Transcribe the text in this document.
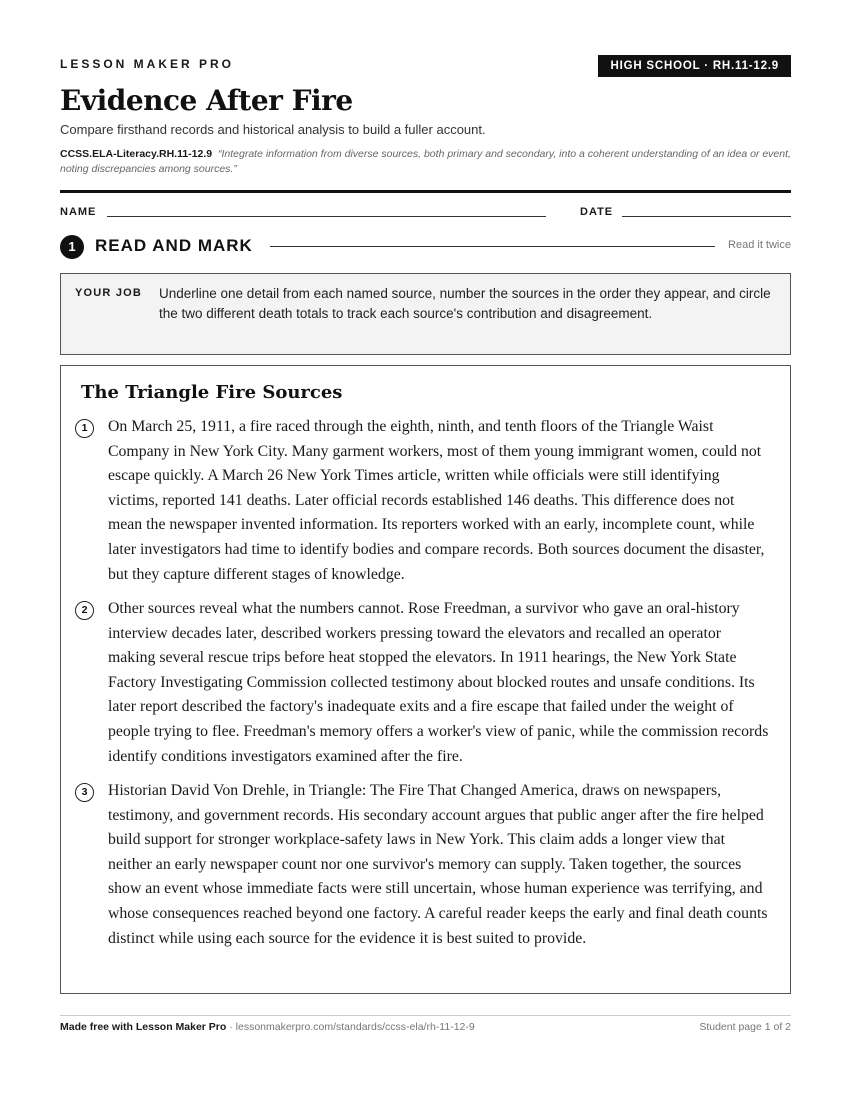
LESSON MAKER PRO	HIGH SCHOOL · RH.11-12.9
Evidence After Fire
Compare firsthand records and historical analysis to build a fuller account.
CCSS.ELA-Literacy.RH.11-12.9 “Integrate information from diverse sources, both primary and secondary, into a coherent understanding of an idea or event, noting discrepancies among sources.”
NAME	DATE
1	READ AND MARK	Read it twice
YOUR JOB Underline one detail from each named source, number the sources in the order they appear, and circle the two different death totals to track each source's contribution and disagreement.
The Triangle Fire Sources
1	On March 25, 1911, a fire raced through the eighth, ninth, and tenth floors of the Triangle Waist Company in New York City. Many garment workers, most of them young immigrant women, could not escape quickly. A March 26 New York Times article, written while officials were still identifying victims, reported 141 deaths. Later official records established 146 deaths. This difference does not mean the newspaper invented information. Its reporters worked with an early, incomplete count, while later investigators had time to identify bodies and compare records. Both sources document the disaster, but they capture different stages of knowledge.
2	Other sources reveal what the numbers cannot. Rose Freedman, a survivor who gave an oral-history interview decades later, described workers pressing toward the elevators and recalled an operator making several rescue trips before heat stopped the elevators. In 1911 hearings, the New York State Factory Investigating Commission collected testimony about blocked routes and unsafe conditions. Its later report described the factory's inadequate exits and a fire escape that failed under the weight of people trying to flee. Freedman's memory offers a worker's view of panic, while the commission records identify conditions investigators examined after the fire.
3	Historian David Von Drehle, in Triangle: The Fire That Changed America, draws on newspapers, testimony, and government records. His secondary account argues that public anger after the fire helped build support for stronger workplace-safety laws in New York. This claim adds a longer view that neither an early newspaper count nor one survivor's memory can supply. Taken together, the sources show an event whose immediate facts were still uncertain, whose human experience was terrifying, and whose consequences reached beyond one factory. A careful reader keeps the early and final death counts distinct while using each source for the evidence it is best suited to provide.
Made free with Lesson Maker Pro · lessonmakerpro.com/standards/ccss-ela/rh-11-12-9	Student page 1 of 2
